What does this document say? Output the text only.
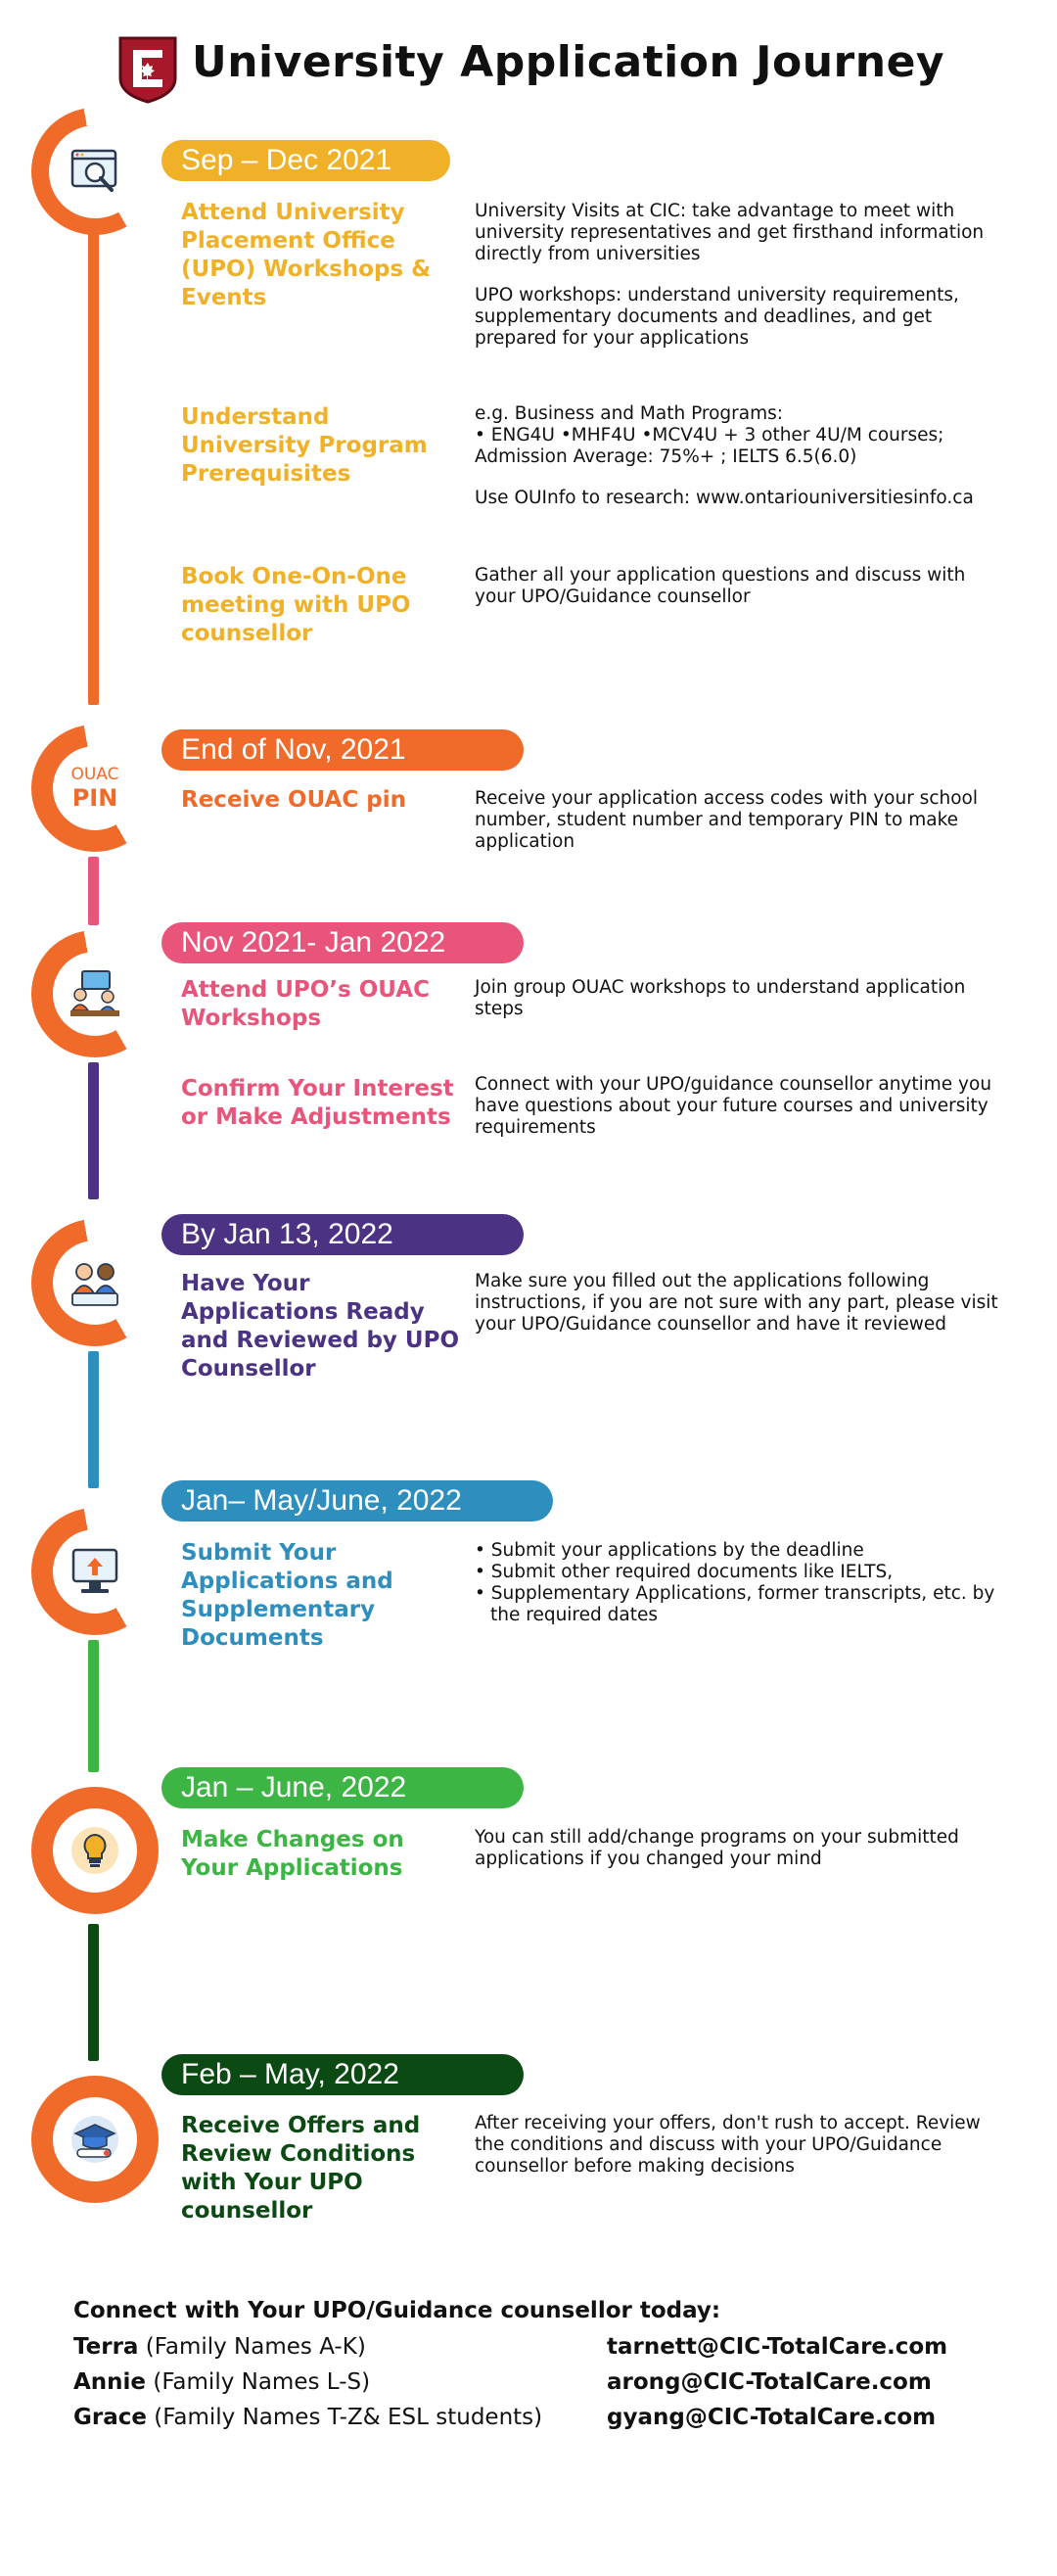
University Application Journey
Sep – Dec 2021
Attend University Placement Office (UPO) Workshops & Events

University Visits at CIC: take advantage to meet with university representatives and get firsthand information directly from universities

UPO workshops: understand university requirements, supplementary documents and deadlines, and get prepared for your applications

Understand University Program Prerequisites

e.g. Business and Math Programs:
• ENG4U •MHF4U •MCV4U + 3 other 4U/M courses; Admission Average: 75%+ ; IELTS 6.5(6.0)

Use OUInfo to research: www.ontariouniversitiesinfo.ca

Book One-On-One meeting with UPO counsellor

Gather all your application questions and discuss with your UPO/Guidance counsellor

OUAC
PIN
End of Nov, 2021
Receive OUAC pin	Receive your application access codes with your school number, student number and temporary PIN to make application

Nov 2021- Jan 2022
Attend UPO’s OUAC Workshops

Join group OUAC workshops to understand application steps

Confirm Your Interest or Make Adjustments

Connect with your UPO/guidance counsellor anytime you have questions about your future courses and university requirements

By Jan 13, 2022
Have Your Applications Ready and Reviewed by UPO Counsellor

Make sure you filled out the applications following instructions, if you are not sure with any part, please visit your UPO/Guidance counsellor and have it reviewed

Jan– May/June, 2022
Submit Your Applications and Supplementary Documents
• Submit your applications by the deadline
• Submit other required documents like IELTS,
• Supplementary Applications, former transcripts, etc. by the required dates
Jan – June, 2022
Make Changes on Your Applications

You can still add/change programs on your submitted applications if you changed your mind

Feb – May, 2022
Receive Offers and Review Conditions with Your UPO counsellor

After receiving your offers, don't rush to accept. Review the conditions and discuss with your UPO/Guidance counsellor before making decisions

Connect with Your UPO/Guidance counsellor today:
Terra (Family Names A-K)	tarnett@CIC-TotalCare.com
Annie (Family Names L-S)	arong@CIC-TotalCare.com
Grace (Family Names T-Z& ESL students)	gyang@CIC-TotalCare.com
